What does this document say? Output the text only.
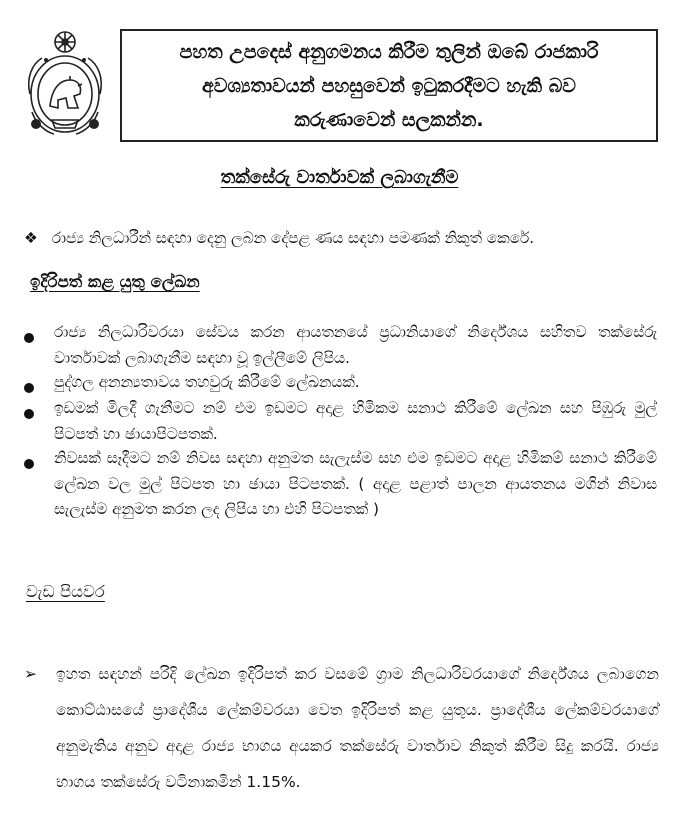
පහත උපදෙස් අනුගමනය කිරීම තුලින් ඔබේ රාජකාරි
අවශ්‍යතාවයන් පහසුවෙන් ඉටුකරදීමට හැකි බව
කරුණාවෙන් සලකන්න.
තක්සේරු වාර්තාවක් ලබාගැනීම
❖ රාජ්‍ය නිලධාරීන් සඳහා දෙනු ලබන දේපළ ණය සඳහා පමණක් නිකුත් කෙරේ.
ඉදිරිපත් කළ යුතු ලේඛන
රාජ්‍ය නිලධාරිවරයා සේවය කරන ආයතනයේ ප්‍රධානියාගේ නිර්දේශය සහිතව තක්සේරු වාර්තාවක් ලබාගැනීම සඳහා වූ ඉල්ලීමේ ලිපිය.
පුද්ගල අනන්‍යතාවය තහවුරු කිරීමේ ලේඛනයක්.
ඉඩමක් මිලදී ගැනීමට නම් එම ඉඩමට අදාළ හිමිකම සනාථ කිරීමේ ලේඛන සහ පිඹුරු මුල් පිටපත් හා ඡායාපිටපතක්.
නිවසක් සෑදීමට නම් නිවස සඳහා අනුමත සැලැස්ම සහ එම ඉඩමට අදාළ හිමිකම් සනාථ කිරීමේ ලේඛන වල මුල් පිටපත හා ඡායා පිටපතක්. ( අදාළ පළාත් පාලන ආයතනය මගින් නිවාස සැලැස්ම අනුමත කරන ලද ලිපිය හා එහි පිටපතක් )
වැඩ පියවර
➢	ඉහත සඳහන් පරිදි ලේඛන ඉදිරිපත් කර වසමේ ග්‍රාම නිලධාරිවරයාගේ නිර්දේශය ලබාගෙන කොට්ඨාසයේ ප්‍රාදේශීය ලේකම්වරයා වෙත ඉදිරිපත් කළ යුතුය. ප්‍රාදේශීය ලේකම්වරයාගේ අනුමැතිය අනුව අදාළ රාජ්‍ය භාගය අයකර තක්සේරු වාර්තාව නිකුත් කිරීම සිදු කරයි. රාජ්‍ය භාගය තක්සේරු වටිනාකමින් 1.15%.
